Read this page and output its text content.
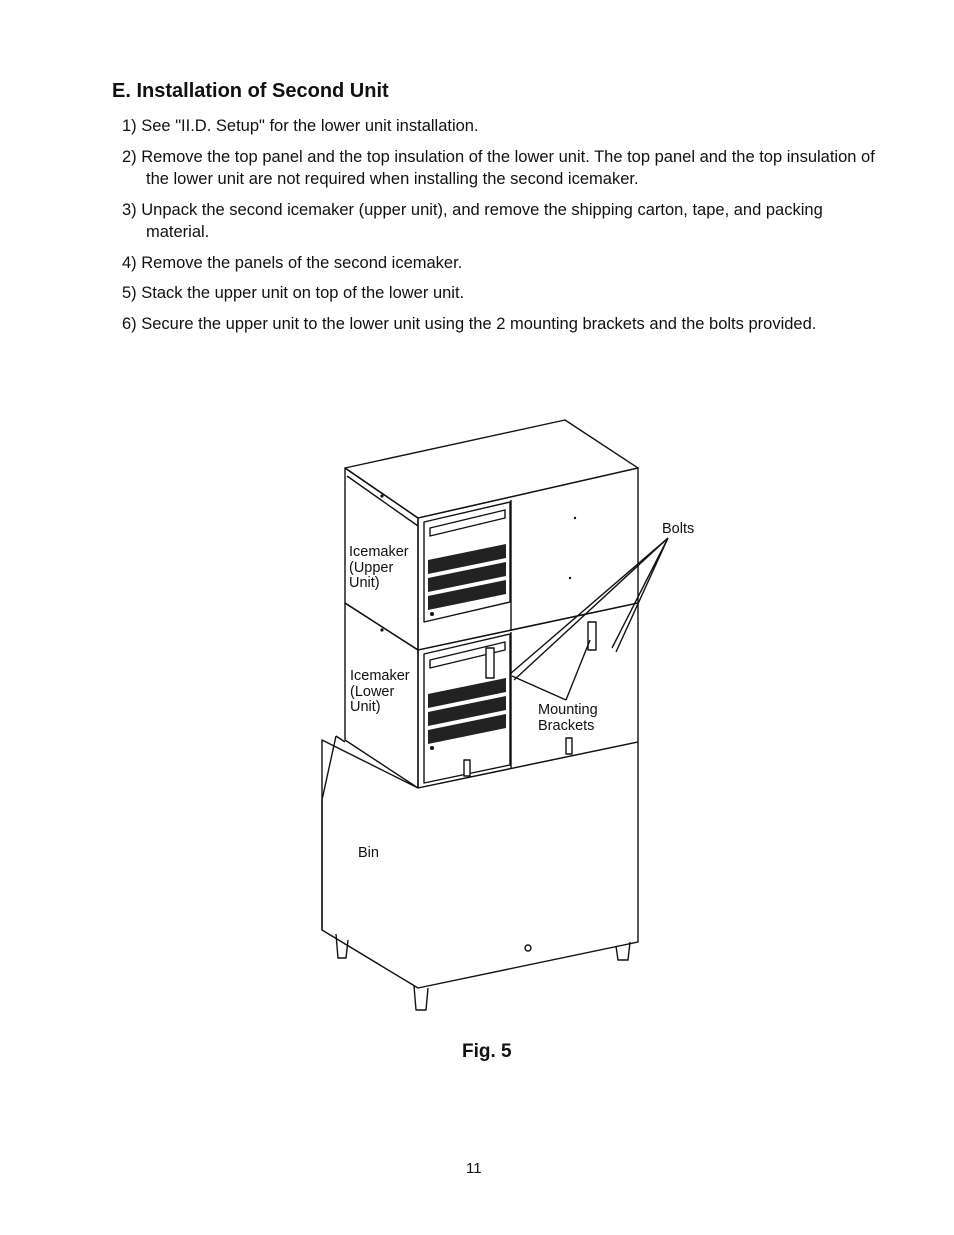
E. Installation of Second Unit
1) See "II.D. Setup" for the lower unit installation.
2) Remove the top panel and the top insulation of the lower unit. The top panel and the top insulation of the lower unit are not required when installing the second icemaker.
3) Unpack the second icemaker (upper unit), and remove the shipping carton, tape, and packing material.
4) Remove the panels of the second icemaker.
5) Stack the upper unit on top of the lower unit.
6) Secure the upper unit to the lower unit using the 2 mounting brackets and the bolts provided.
Icemaker
(Upper
Unit)
Icemaker
(Lower
Unit)
Bolts
Mounting
Brackets
Bin

Fig. 5

11
